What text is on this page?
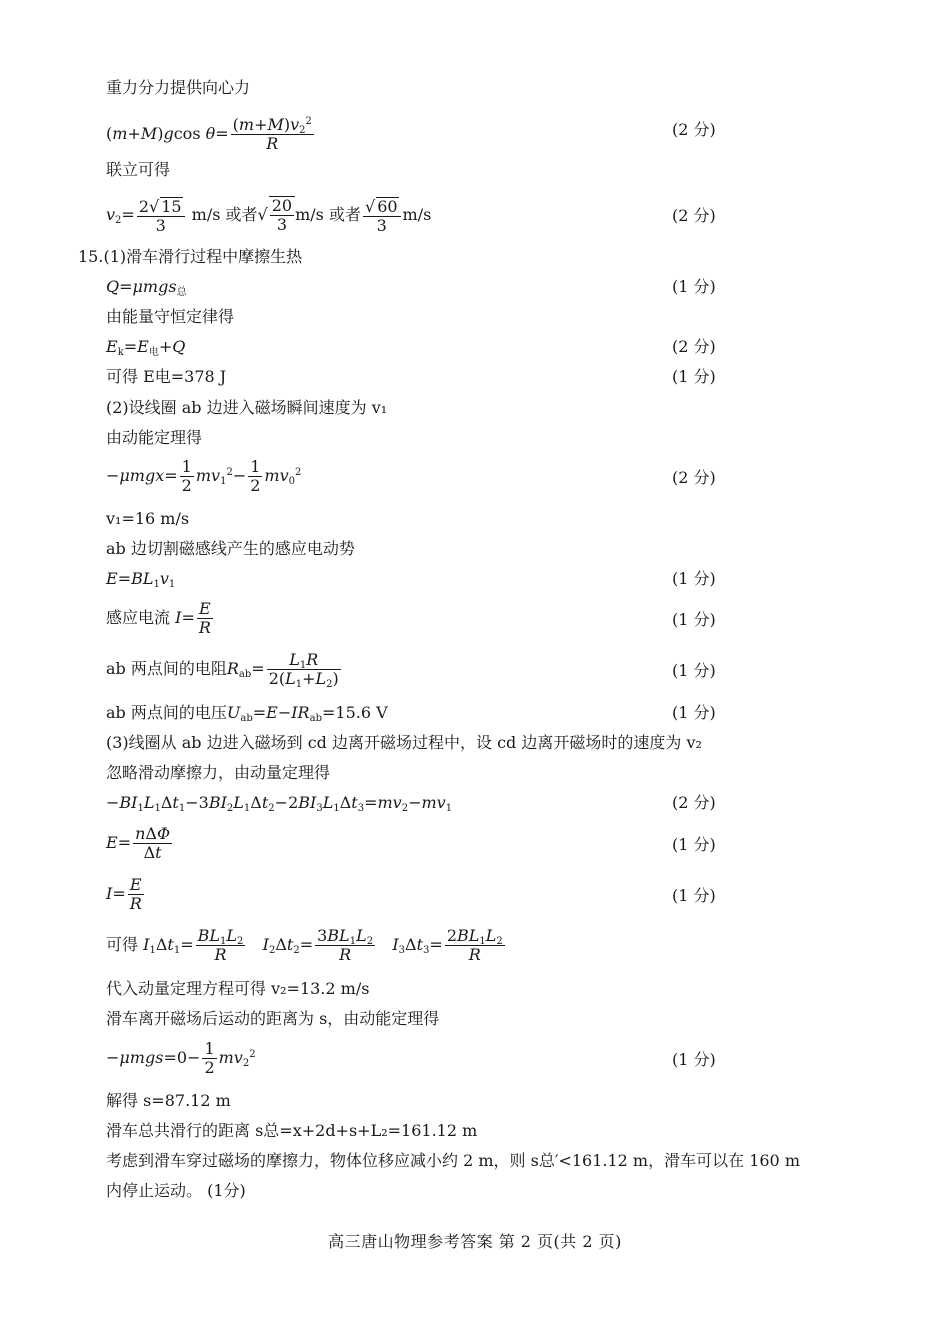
重力分力提供向心力
(m+M)gcos $\theta= \frac{(m+M)v_2^2}{R}$	(2 分)
联立可得
$v_2= \frac{2√ 15}{3} m/s$ 或者√ $\frac{20}{3} m/s$ 或者 $\frac{√ 60}{3} m/s$	(2 分)
15.(1)滑车滑行过程中摩擦生热
Q=μmgs$_总$	(1 分)
由能量守恒定律得
$E_k=E_电+Q$	(2 分)
可得 E电=378 J	(1 分)
(2)设线圈 ab 边进入磁场瞬间速度为 v₁
由动能定理得
$-\mu mgx= \frac{1}{2} mv_1^2- \frac{1}{2} mv_0^2$	(2 分)
v₁=16 m/s
ab 边切割磁感线产生的感应电动势
$E=BL_1v_1$	(1 分)
感应电流 $I= \frac{E}{R}$	(1 分)
ab 两点间的电阻$R_{ab}= \frac{L_1R}{2(L_1+L_2)}$	(1 分)
ab 两点间的电压$U_{ab}=E-IR_{ab}=15.6$ V	(1 分)
(3)线圈从 ab 边进入磁场到 cd 边离开磁场过程中，设 cd 边离开磁场时的速度为 v₂
忽略滑动摩擦力，由动量定理得
$-BI_1L_1\Delta t_1-3BI_2L_1\Delta t_2-2BI_3L_1\Delta t_3=mv_2-mv_1$	(2 分)
$E= \frac{\text{nΔΦ}}{\Delta t}$	(1 分)
$I= \frac{E}{R}$	(1 分)
可得 $I_1\Delta t_1= \frac{BL_1L_2}{R} I_2\Delta t_2= \frac{3BL_1L_2}{R} I_3\Delta t_3= \frac{2BL_1L_2}{R}$
代入动量定理方程可得 v₂=13.2 m/s
滑车离开磁场后运动的距离为 s，由动能定理得
$-\mu mgs=0- \frac{1}{2} mv_2^2$	(1 分)
解得 s=87.12 m
滑车总共滑行的距离 s总=x+2d+s+L₂=161.12 m
考虑到滑车穿过磁场的摩擦力，物体位移应减小约 2 m，则 s总′<161.12 m，滑车可以在 160 m
内停止运动。 (1分)
高三唐山物理参考答案 第 2 页(共 2 页)
